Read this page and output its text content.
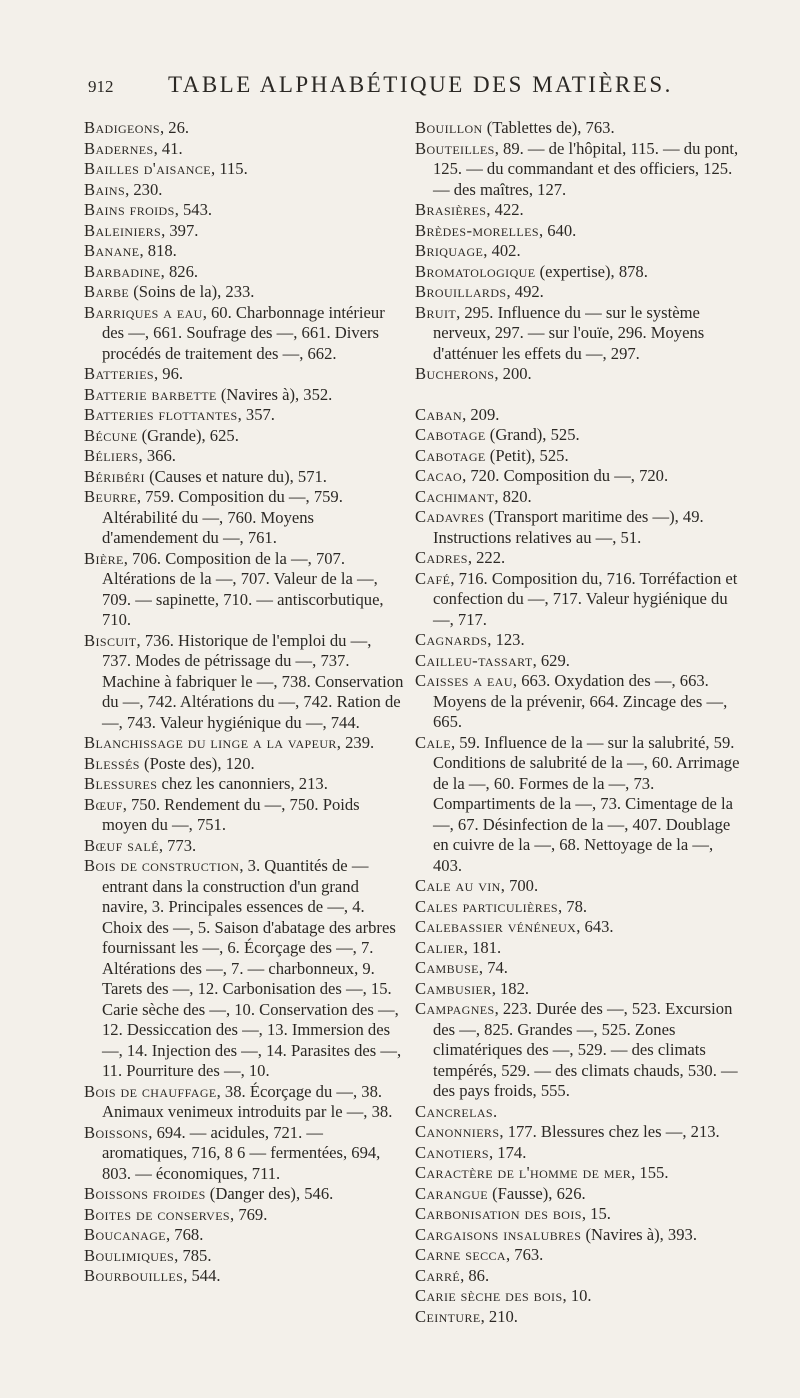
912	TABLE ALPHABÉTIQUE DES MATIÈRES.

Badigeons, 26.

Badernes, 41.

Bailles d'aisance, 115.

Bains, 230.

Bains froids, 543.

Baleiniers, 397.

Banane, 818.

Barbadine, 826.

Barbe (Soins de la), 233.

Barriques a eau, 60. Charbonnage intérieur des —, 661. Soufrage des —, 661. Divers procédés de traitement des —, 662.

Batteries, 96.

Batterie barbette (Navires à), 352.

Batteries flottantes, 357.

Bécune (Grande), 625.

Béliers, 366.

Béribéri (Causes et nature du), 571.

Beurre, 759. Composition du —, 759. Altérabilité du —, 760. Moyens d'amendement du —, 761.

Bière, 706. Composition de la —, 707. Altérations de la —, 707. Valeur de la —, 709. — sapinette, 710. — antiscorbutique, 710.

Biscuit, 736. Historique de l'emploi du —, 737. Modes de pétrissage du —, 737. Machine à fabriquer le —, 738. Conservation du —, 742. Altérations du —, 742. Ration de —, 743. Valeur hygiénique du —, 744.

Blanchissage du linge a la vapeur, 239.

Blessés (Poste des), 120.

Blessures chez les canonniers, 213.

Bœuf, 750. Rendement du —, 750. Poids moyen du —, 751.

Bœuf salé, 773.

Bois de construction, 3. Quantités de — entrant dans la construction d'un grand navire, 3. Principales essences de —, 4. Choix des —, 5. Saison d'abatage des arbres fournissant les —, 6. Écorçage des —, 7. Altérations des —, 7. — charbonneux, 9. Tarets des —, 12. Carbonisation des —, 15. Carie sèche des —, 10. Conservation des —, 12. Dessiccation des —, 13. Immersion des —, 14. Injection des —, 14. Parasites des —, 11. Pourriture des —, 10.

Bois de chauffage, 38. Écorçage du —, 38. Animaux venimeux introduits par le —, 38.

Boissons, 694. — acidules, 721. — aromatiques, 716, 8 6 — fermentées, 694, 803. — économiques, 711.

Boissons froides (Danger des), 546.

Boites de conserves, 769.

Boucanage, 768.

Boulimiques, 785.

Bourbouilles, 544.

Bouillon (Tablettes de), 763.

Bouteilles, 89. — de l'hôpital, 115. — du pont, 125. — du commandant et des officiers, 125. — des maîtres, 127.

Brasières, 422.

Brèdes-morelles, 640.

Briquage, 402.

Bromatologique (expertise), 878.

Brouillards, 492.

Bruit, 295. Influence du — sur le système nerveux, 297. — sur l'ouïe, 296. Moyens d'atténuer les effets du —, 297.

Bucherons, 200.

Caban, 209.

Cabotage (Grand), 525.

Cabotage (Petit), 525.

Cacao, 720. Composition du —, 720.

Cachimant, 820.

Cadavres (Transport maritime des —), 49. Instructions relatives au —, 51.

Cadres, 222.

Café, 716. Composition du, 716. Torréfaction et confection du —, 717. Valeur hygiénique du —, 717.

Cagnards, 123.

Cailleu-tassart, 629.

Caisses a eau, 663. Oxydation des —, 663. Moyens de la prévenir, 664. Zincage des —, 665.

Cale, 59. Influence de la — sur la salubrité, 59. Conditions de salubrité de la —, 60. Arrimage de la —, 60. Formes de la —, 73. Compartiments de la —, 73. Cimentage de la —, 67. Désinfection de la —, 407. Doublage en cuivre de la —, 68. Nettoyage de la —, 403.

Cale au vin, 700.

Cales particulières, 78.

Calebassier vénéneux, 643.

Calier, 181.

Cambuse, 74.

Cambusier, 182.

Campagnes, 223. Durée des —, 523. Excursion des —, 825. Grandes —, 525. Zones climatériques des —, 529. — des climats tempérés, 529. — des climats chauds, 530. — des pays froids, 555.

Cancrelas.

Canonniers, 177. Blessures chez les —, 213.

Canotiers, 174.

Caractère de l'homme de mer, 155.

Carangue (Fausse), 626.

Carbonisation des bois, 15.

Cargaisons insalubres (Navires à), 393.

Carne secca, 763.

Carré, 86.

Carie sèche des bois, 10.

Ceinture, 210.
